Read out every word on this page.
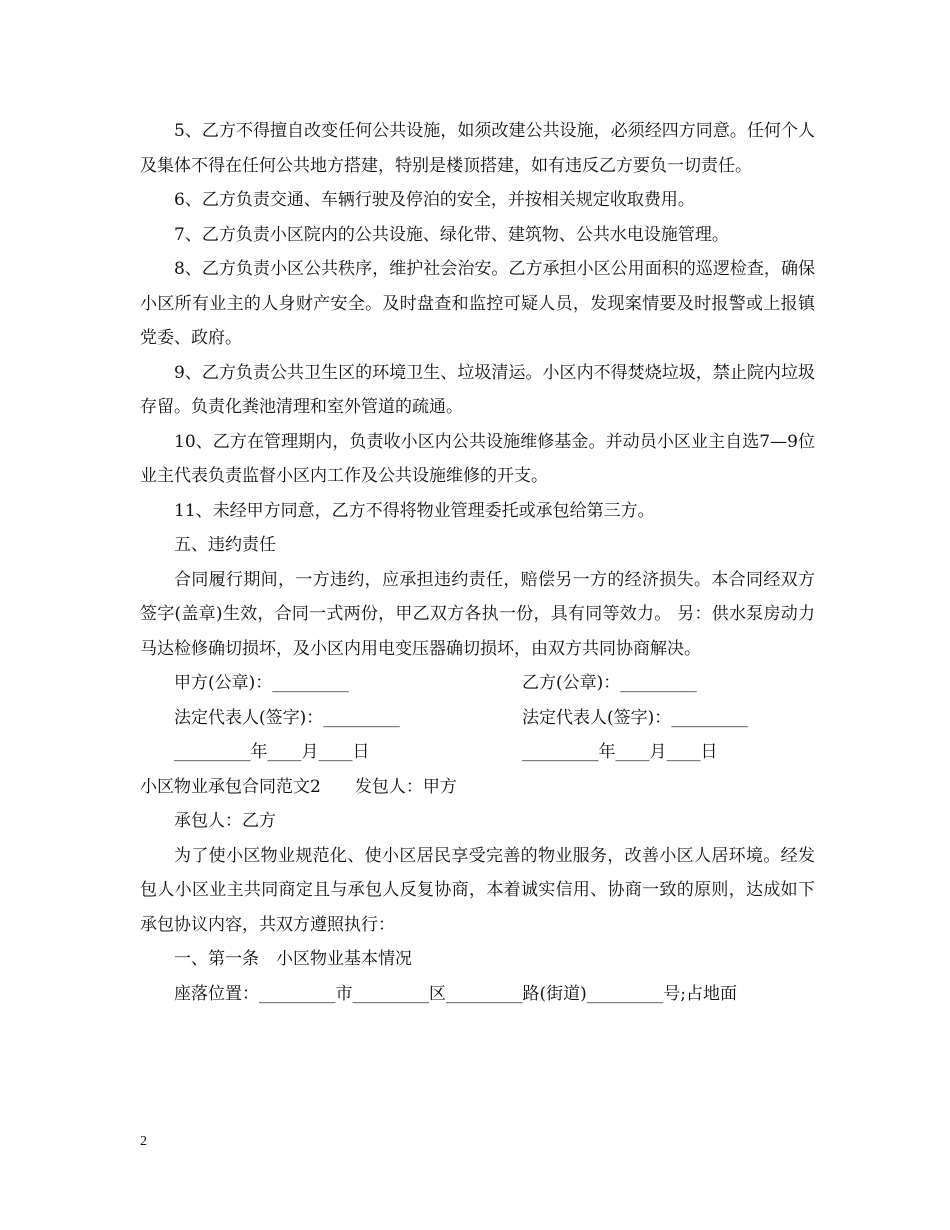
5、乙方不得擅自改变任何公共设施，如须改建公共设施，必须经四方同意。任何个人及集体不得在任何公共地方搭建，特别是楼顶搭建，如有违反乙方要负一切责任。

6、乙方负责交通、车辆行驶及停泊的安全，并按相关规定收取费用。

7、乙方负责小区院内的公共设施、绿化带、建筑物、公共水电设施管理。

8、乙方负责小区公共秩序，维护社会治安。乙方承担小区公用面积的巡逻检查，确保小区所有业主的人身财产安全。及时盘查和监控可疑人员，发现案情要及时报警或上报镇党委、政府。

9、乙方负责公共卫生区的环境卫生、垃圾清运。小区内不得焚烧垃圾，禁止院内垃圾存留。负责化粪池清理和室外管道的疏通。

10、乙方在管理期内，负责收小区内公共设施维修基金。并动员小区业主自选7—9位业主代表负责监督小区内工作及公共设施维修的开支。

11、未经甲方同意，乙方不得将物业管理委托或承包给第三方。

五、违约责任

合同履行期间，一方违约，应承担违约责任，赔偿另一方的经济损失。本合同经双方签字(盖章)生效，合同一式两份，甲乙双方各执一份，具有同等效力。 另：供水泵房动力马达检修确切损坏，及小区内用电变压器确切损坏，由双方共同协商解决。

甲方(公章)：_________	乙方(公章)：_________
法定代表人(签字)：_________	法定代表人(签字)：_________
_________年____月____日	_________年____月____日

小区物业承包合同范文2　　发包人：甲方

承包人：乙方

为了使小区物业规范化、使小区居民享受完善的物业服务，改善小区人居环境。经发包人小区业主共同商定且与承包人反复协商，本着诚实信用、协商一致的原则，达成如下承包协议内容，共双方遵照执行：

一、第一条　小区物业基本情况

座落位置：_________市_________区_________路(街道)_________号;占地面

2
